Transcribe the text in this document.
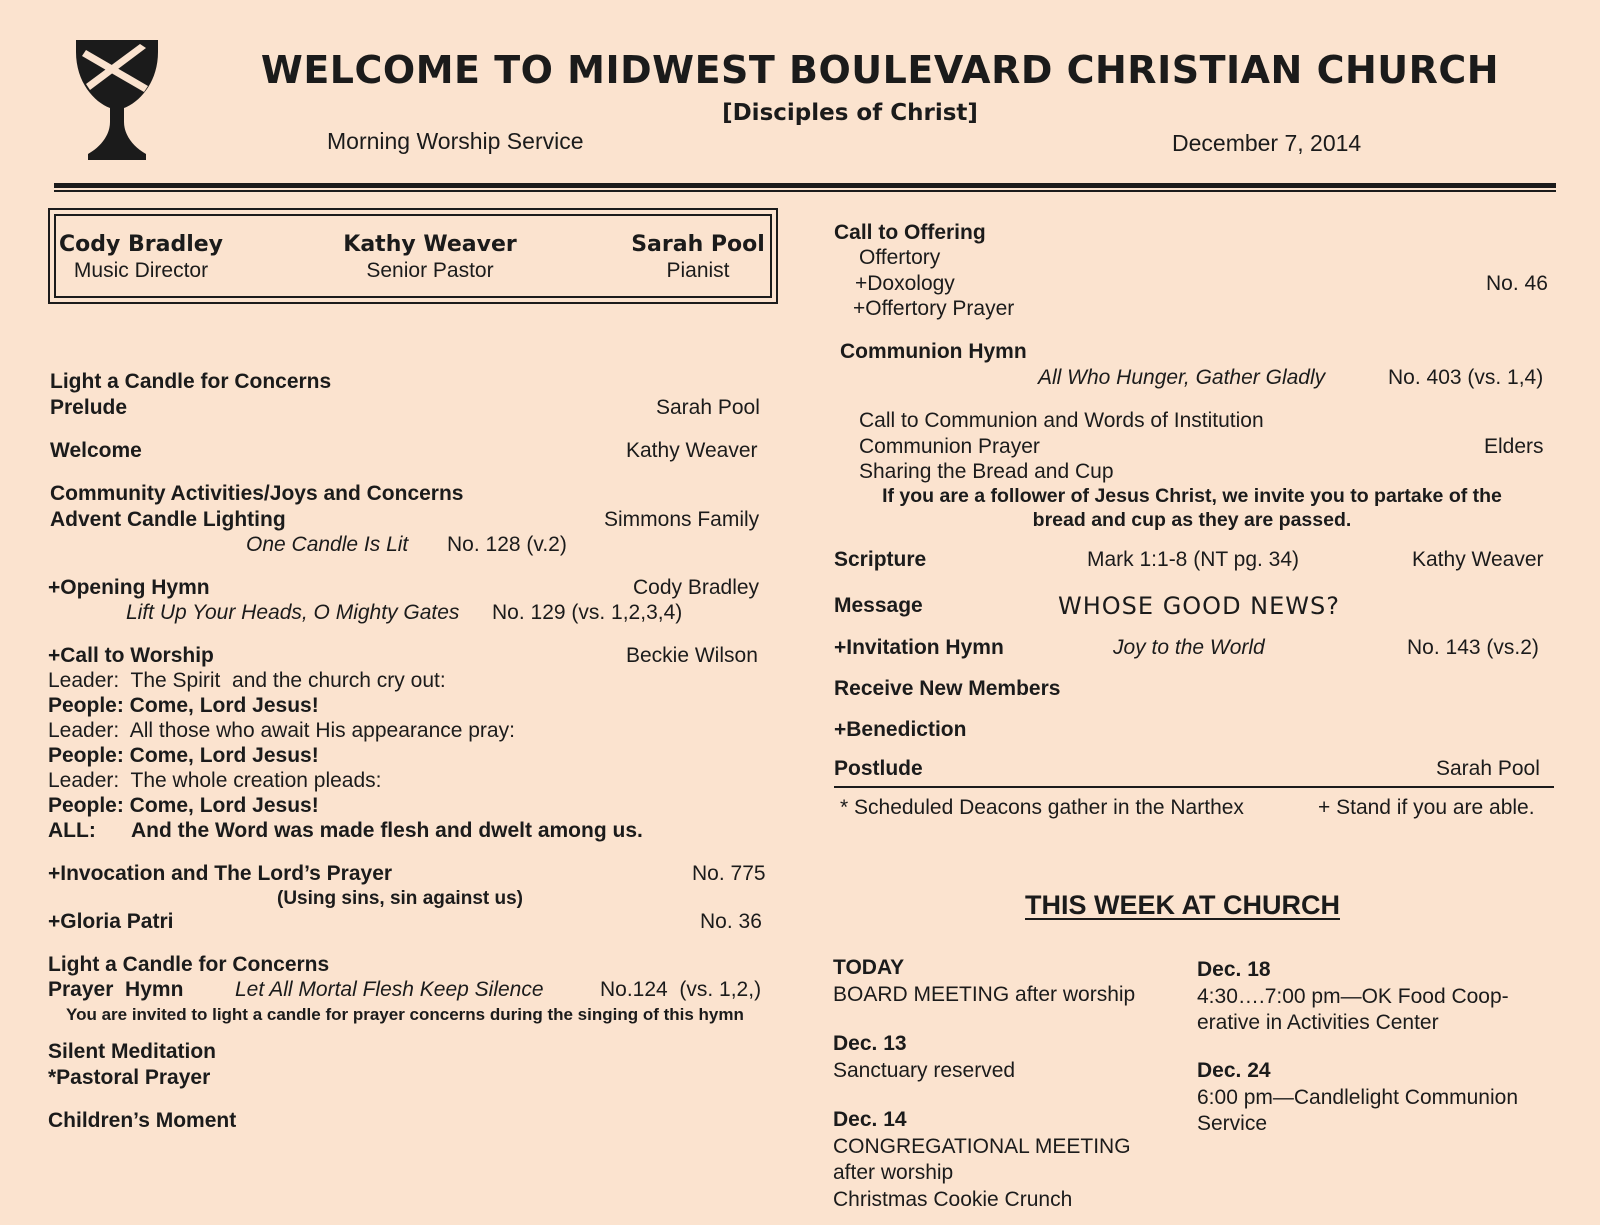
WELCOME TO MIDWEST BOULEVARD CHRISTIAN CHURCH
[Disciples of Christ]
Morning Worship Service	December 7, 2014
Cody Bradley
Music Director
Kathy Weaver
Senior Pastor
Sarah Pool
Pianist
Light a Candle for Concerns
Prelude	Sarah Pool
Welcome	Kathy Weaver
Community Activities/Joys and Concerns
Advent Candle Lighting	Simmons Family
One Candle Is Lit No. 128 (v.2)
+Opening Hymn	Cody Bradley
Lift Up Your Heads, O Mighty Gates No. 129 (vs. 1,2,3,4)
+Call to Worship	Beckie Wilson
Leader:  The Spirit  and the church cry out:
People: Come, Lord Jesus!
Leader:  All those who await His appearance pray:
People: Come, Lord Jesus!
Leader:  The whole creation pleads:
People: Come, Lord Jesus!
ALL: And the Word was made flesh and dwelt among us.
+Invocation and The Lord’s Prayer	No. 775
(Using sins, sin against us)
+Gloria Patri	No. 36
Light a Candle for Concerns
Prayer  Hymn Let All Mortal Flesh Keep Silence	No.124  (vs. 1,2,)
You are invited to light a candle for prayer concerns during the singing of this hymn
Silent Meditation
*Pastoral Prayer
Children’s Moment
Call to Offering
Offertory
+Doxology	No. 46
+Offertory Prayer
Communion Hymn
All Who Hunger, Gather Gladly	No. 403 (vs. 1,4)
Call to Communion and Words of Institution
Communion Prayer	Elders
Sharing the Bread and Cup
If you are a follower of Jesus Christ, we invite you to partake of the
bread and cup as they are passed.
Scripture	Mark 1:1-8 (NT pg. 34)	Kathy Weaver
Message	WHOSE GOOD NEWS?
+Invitation Hymn	Joy to the World	No. 143 (vs.2)
Receive New Members
+Benediction
Postlude	Sarah Pool
* Scheduled Deacons gather in the Narthex	+ Stand if you are able.
THIS WEEK AT CHURCH
TODAY
BOARD MEETING after worship
Dec. 13
Sanctuary reserved
Dec. 14
CONGREGATIONAL MEETING
after worship
Christmas Cookie Crunch
Dec. 18
4:30….7:00 pm—OK Food Coop-
erative in Activities Center
Dec. 24
6:00 pm—Candlelight Communion
Service
